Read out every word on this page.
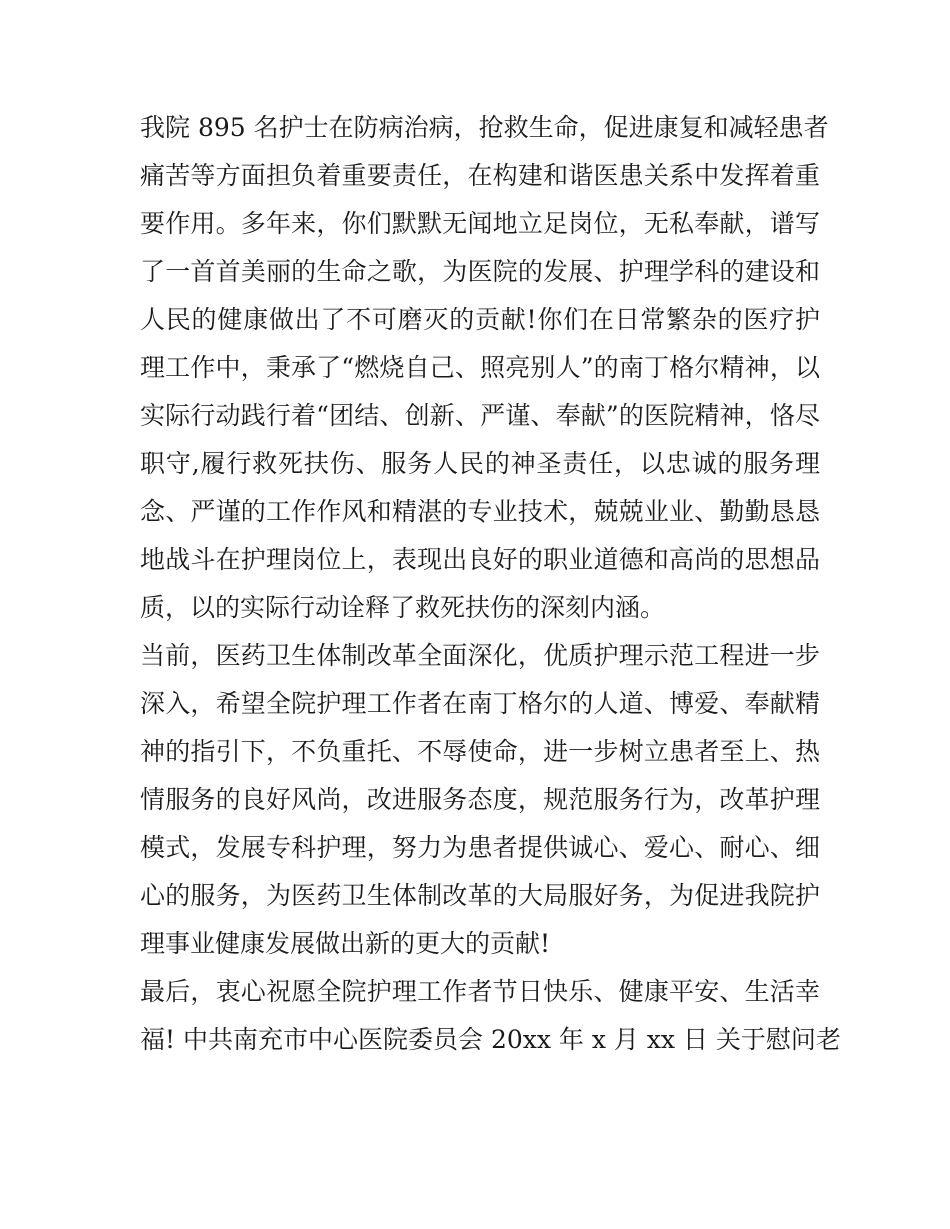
我院 895 名护士在防病治病，抢救生命，促进康复和减轻患者
痛苦等方面担负着重要责任，在构建和谐医患关系中发挥着重
要作用。多年来，你们默默无闻地立足岗位，无私奉献，谱写
了一首首美丽的生命之歌，为医院的发展、护理学科的建设和
人民的健康做出了不可磨灭的贡献!你们在日常繁杂的医疗护
理工作中，秉承了“燃烧自己、照亮别人”的南丁格尔精神，以
实际行动践行着“团结、创新、严谨、奉献”的医院精神，恪尽
职守,履行救死扶伤、服务人民的神圣责任，以忠诚的服务理
念、严谨的工作作风和精湛的专业技术，兢兢业业、勤勤恳恳
地战斗在护理岗位上，表现出良好的职业道德和高尚的思想品
质，以的实际行动诠释了救死扶伤的深刻内涵。
当前，医药卫生体制改革全面深化，优质护理示范工程进一步
深入，希望全院护理工作者在南丁格尔的人道、博爱、奉献精
神的指引下，不负重托、不辱使命，进一步树立患者至上、热
情服务的良好风尚，改进服务态度，规范服务行为，改革护理
模式，发展专科护理，努力为患者提供诚心、爱心、耐心、细
心的服务，为医药卫生体制改革的大局服好务，为促进我院护
理事业健康发展做出新的更大的贡献!
最后，衷心祝愿全院护理工作者节日快乐、健康平安、生活幸
福! 中共南充市中心医院委员会 20xx 年 x 月 xx 日 关于慰问老
